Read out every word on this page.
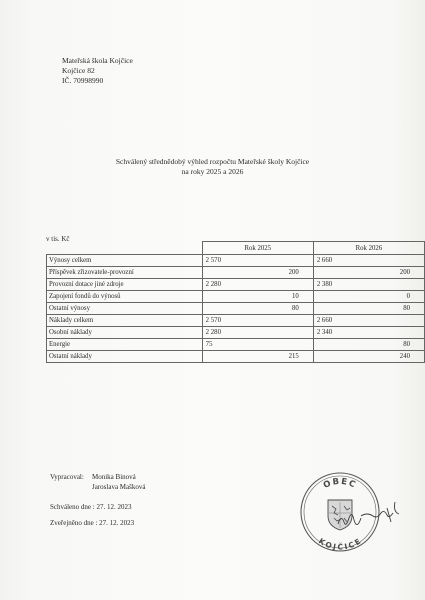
Mateřská škola Kojčice
Kojčice 82
IČ. 70998990
Schválený střednědobý výhled rozpočtu Mateřské školy Kojčice
na roky 2025 a 2026
v tis. Kč
	Rok 2025	Rok 2026
Výnosy celkem	2 570	2 660
Příspěvek zřizovatele-provozní	200	200
Provozní dotace jiné zdroje	2 280	2 380
Zapojení fondů do výnosů	10	0
Ostatní výnosy	80	80
Náklady celkem	2 570	2 660
Osobní náklady	2 280	2 340
Energie	75	80
Ostatní náklady	215	240
Vypracoval: Monika Binová
Jaroslava Mašková
Schváleno dne : 27. 12. 2023
Zveřejněno dne : 27. 12. 2023
OBEC
KOJČICE
